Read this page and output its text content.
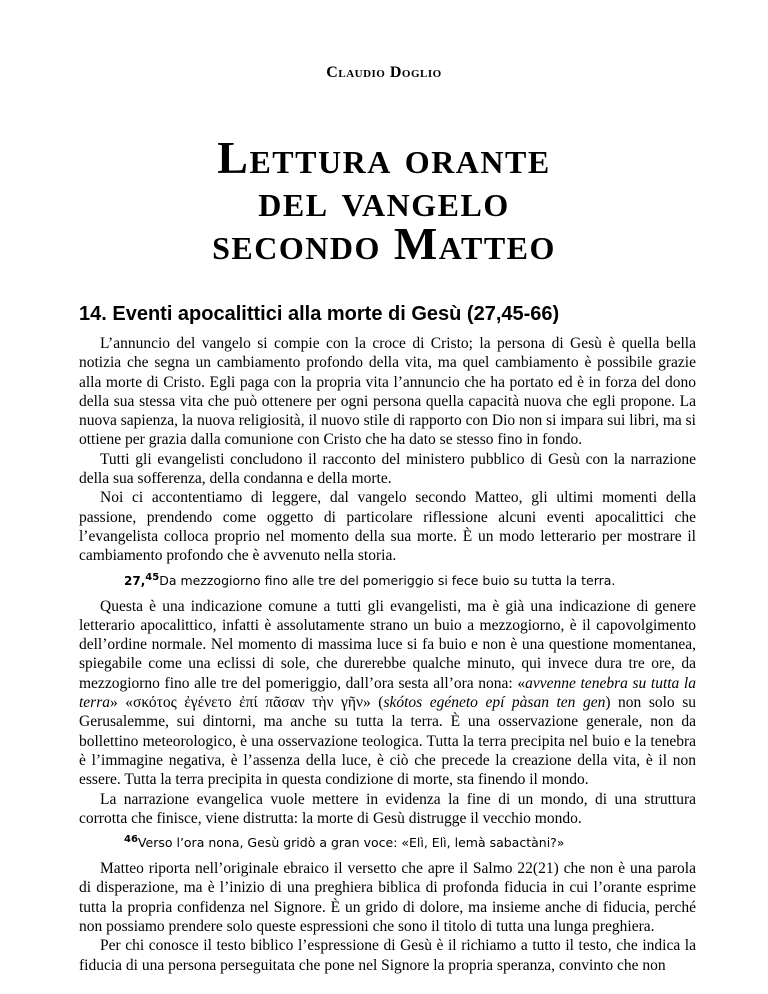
Claudio Doglio
Lettura orante
del vangelo
secondo Matteo
14. Eventi apocalittici alla morte di Gesù (27,45-66)

L’annuncio del vangelo si compie con la croce di Cristo; la persona di Gesù è quella bella notizia che segna un cambiamento profondo della vita, ma quel cambiamento è possibile grazie alla morte di Cristo. Egli paga con la propria vita l’annuncio che ha portato ed è in forza del dono della sua stessa vita che può ottenere per ogni persona quella capacità nuova che egli propone. La nuova sapienza, la nuova religiosità, il nuovo stile di rapporto con Dio non si impara sui libri, ma si ottiene per grazia dalla comunione con Cristo che ha dato se stesso fino in fondo.

Tutti gli evangelisti concludono il racconto del ministero pubblico di Gesù con la narrazione della sua sofferenza, della condanna e della morte.

Noi ci accontentiamo di leggere, dal vangelo secondo Matteo, gli ultimi momenti della passione, prendendo come oggetto di particolare riflessione alcuni eventi apocalittici che l’evangelista colloca proprio nel momento della sua morte. È un modo letterario per mostrare il cambiamento profondo che è avvenuto nella storia.

27,45Da mezzogiorno fino alle tre del pomeriggio si fece buio su tutta la terra.

Questa è una indicazione comune a tutti gli evangelisti, ma è già una indicazione di genere letterario apocalittico, infatti è assolutamente strano un buio a mezzogiorno, è il capovolgimento dell’ordine normale. Nel momento di massima luce si fa buio e non è una questione momentanea, spiegabile come una eclissi di sole, che durerebbe qualche minuto, qui invece dura tre ore, da mezzogiorno fino alle tre del pomeriggio, dall’ora sesta all’ora nona: «avvenne tenebra su tutta la terra» «σκότος ἐγένετο ἐπί πᾶσαν τὴν γῆν» (skótos egéneto epí pàsan ten gen) non solo su Gerusalemme, sui dintorni, ma anche su tutta la terra. È una osservazione generale, non da bollettino meteorologico, è una osservazione teologica. Tutta la terra precipita nel buio e la tenebra è l’immagine negativa, è l’assenza della luce, è ciò che precede la creazione della vita, è il non essere. Tutta la terra precipita in questa condizione di morte, sta finendo il mondo.

La narrazione evangelica vuole mettere in evidenza la fine di un mondo, di una struttura corrotta che finisce, viene distrutta: la morte di Gesù distrugge il vecchio mondo.

$^{46}$Verso l’ora nona, Gesù gridò a gran voce: «Elì, Elì, lemà sabactàni?»

Matteo riporta nell’originale ebraico il versetto che apre il Salmo 22(21) che non è una parola di disperazione, ma è l’inizio di una preghiera biblica di profonda fiducia in cui l’orante esprime tutta la propria confidenza nel Signore. È un grido di dolore, ma insieme anche di fiducia, perché non possiamo prendere solo queste espressioni che sono il titolo di tutta una lunga preghiera.

Per chi conosce il testo biblico l’espressione di Gesù è il richiamo a tutto il testo, che indica la fiducia di una persona perseguitata che pone nel Signore la propria speranza, convinto che non
